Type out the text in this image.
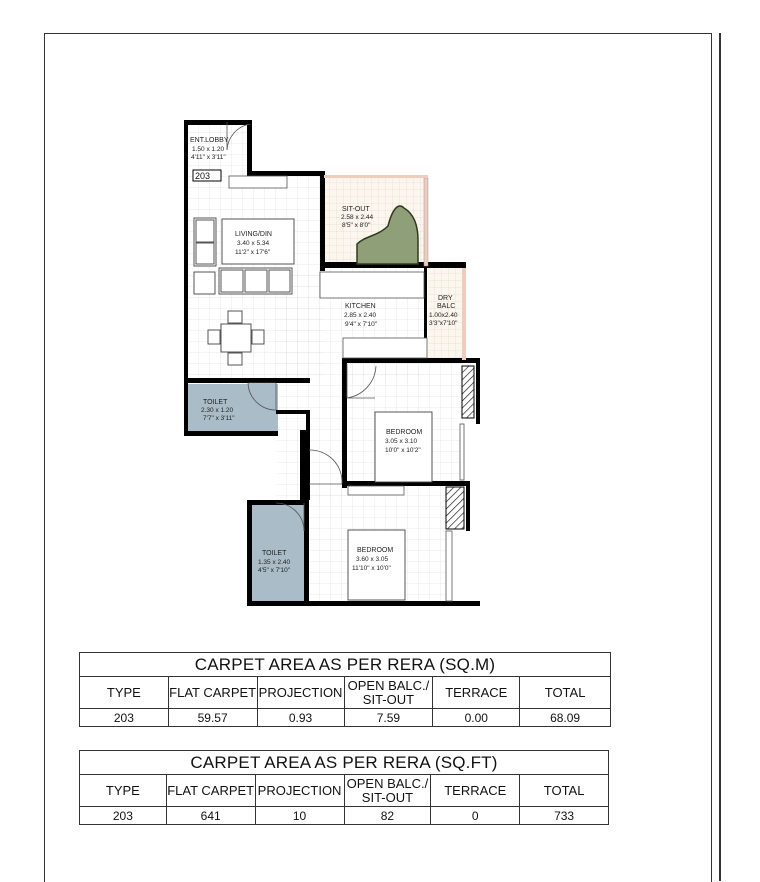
203
ENT.LOBBY
1.50 x 1.20
4'11" x 3'11"
SIT-OUT
2.58 x 2.44
8'5" x 8'0"
LIVING/DIN
3.40 x 5.34
11'2" x 17'6"
KITCHEN
2.85 x 2.40
9'4" x 7'10"
DRY
BALC
1.00x2.40
3'3"x7'10"
TOILET
2.30 x 1.20
7'7" x 3'11"
BEDROOM
3.05 x 3.10
10'0" x 10'2"
TOILET
1.35 x 2.40
4'5" x 7'10"
BEDROOM
3.60 x 3.05
11'10" x 10'0"
CARPET AREA AS PER RERA (SQ.M)					
TYPE	FLAT CARPET	PROJECTION	OPEN BALC./ SIT-OUT	TERRACE	TOTAL
203	59.57	0.93	7.59	0.00	68.09
CARPET AREA AS PER RERA (SQ.FT)					
TYPE	FLAT CARPET	PROJECTION	OPEN BALC./ SIT-OUT	TERRACE	TOTAL
203	641	10	82	0	733
